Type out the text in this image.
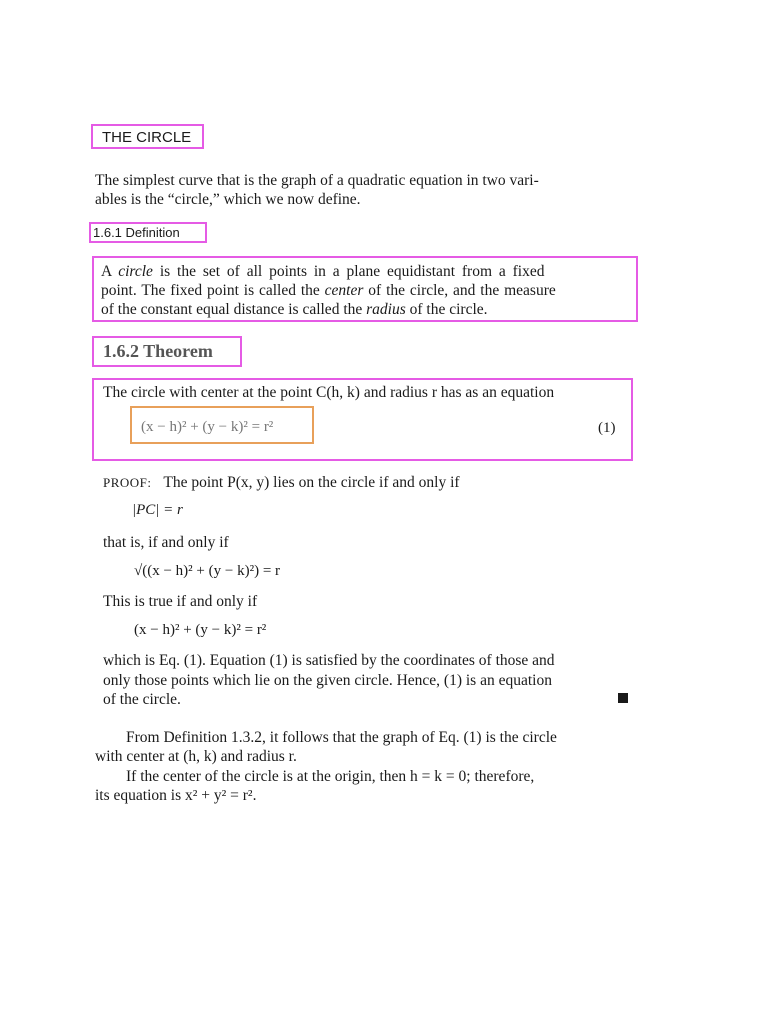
THE CIRCLE
The simplest curve that is the graph of a quadratic equation in two vari-
ables is the “circle,” which we now define.
1.6.1 Definition
A circle is the set of all points in a plane equidistant from a fixed
point. The fixed point is called the center of the circle, and the measure
of the constant equal distance is called the radius of the circle.
1.6.2 Theorem
The circle with center at the point C(h, k) and radius r has as an equation
(x − h)² + (y − k)² = r²	(1)
PROOF: The point P(x, y) lies on the circle if and only if
|PC| = r
that is, if and only if
√((x − h)² + (y − k)²) = r
This is true if and only if
(x − h)² + (y − k)² = r²
which is Eq. (1). Equation (1) is satisfied by the coordinates of those and
only those points which lie on the given circle. Hence, (1) is an equation
of the circle.
From Definition 1.3.2, it follows that the graph of Eq. (1) is the circle
with center at (h, k) and radius r.
If the center of the circle is at the origin, then h = k = 0; therefore,
its equation is x² + y² = r².
